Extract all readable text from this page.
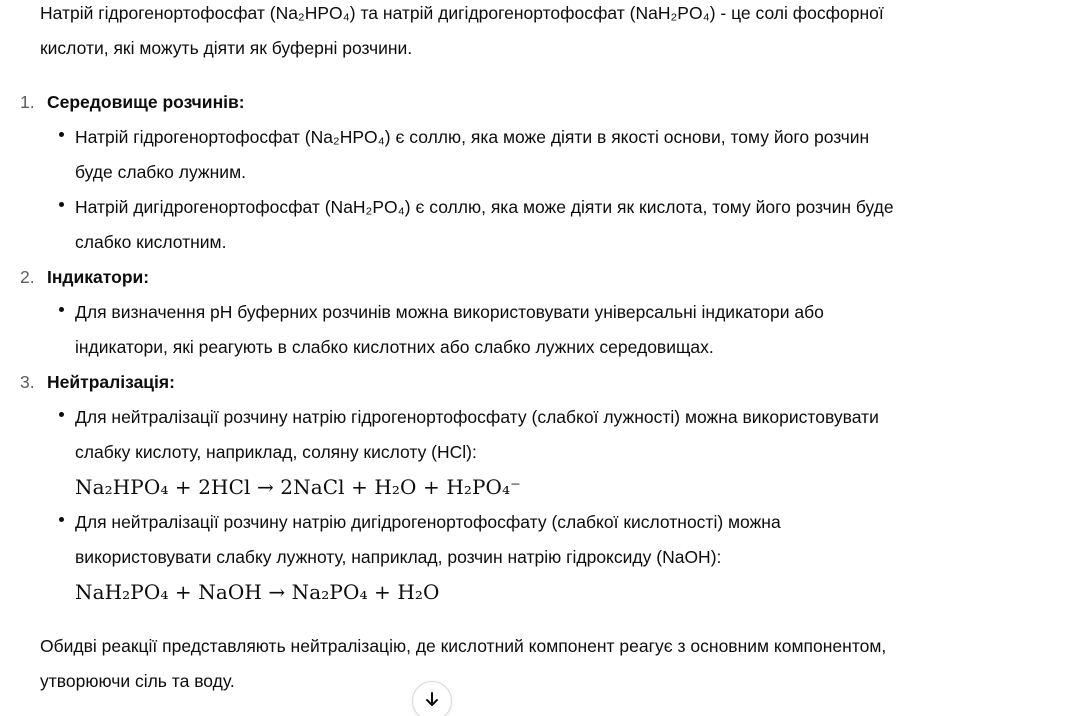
Натрій гідрогенортофосфат (Na₂HPO₄) та натрій дигідрогенортофосфат (NaH₂PO₄) - це солі фосфорної кислоти, які можуть діяти як буферні розчини.

1. Середовище розчинів:
Натрій гідрогенортофосфат (Na₂HPO₄) є соллю, яка може діяти в якості основи, тому його розчин буде слабко лужним.
Натрій дигідрогенортофосфат (NaH₂PO₄) є соллю, яка може діяти як кислота, тому його розчин буде слабко кислотним.
2. Індикатори:
Для визначення pH буферних розчинів можна використовувати універсальні індикатори або індикатори, які реагують в слабко кислотних або слабко лужних середовищах.
3. Нейтралізація:
Для нейтралізації розчину натрію гідрогенортофосфату (слабкої лужності) можна використовувати слабку кислоту, наприклад, соляну кислоту (HCl):
Na₂HPO₄ + 2HCl → 2NaCl + H₂O + H₂PO₄⁻
Для нейтралізації розчину натрію дигідрогенортофосфату (слабкої кислотності) можна використовувати слабку лужноту, наприклад, розчин натрію гідроксиду (NaOH):
NaH₂PO₄ + NaOH → Na₂PO₄ + H₂O

Обидві реакції представляють нейтралізацію, де кислотний компонент реагує з основним компонентом, утворюючи сіль та воду.
